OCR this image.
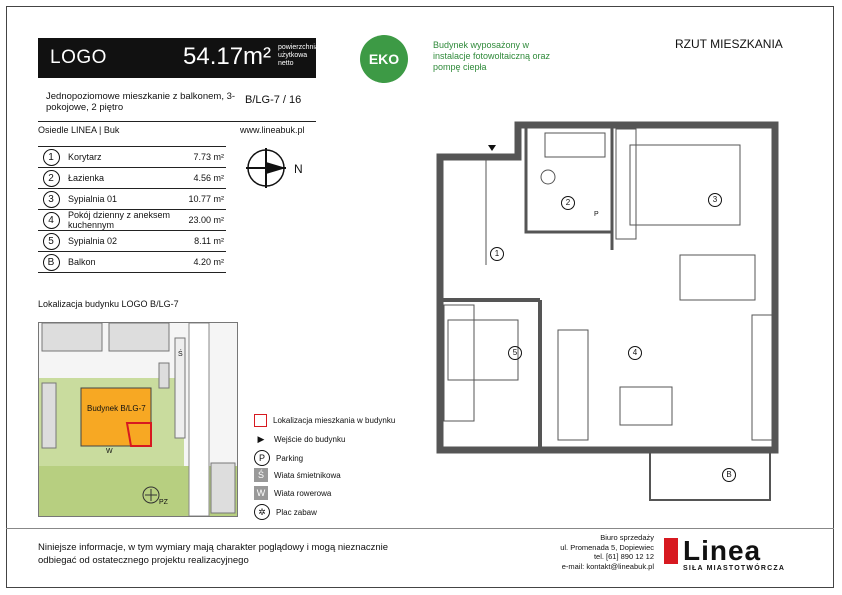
LOGO	54.17m² powierzchnia użytkowa netto
Jednopoziomowe mieszkanie z balkonem, 3-pokojowe, 2 piętro
B/LG-7 / 16
Osiedle LINEA | Buk	www.lineabuk.pl
1	Korytarz	7.73 m²
2	Łazienka	4.56 m²
3	Sypialnia 01	10.77 m²
4	Pokój dzienny z aneksem kuchennym	23.00 m²
5	Sypialnia 02	8.11 m²
B	Balkon	4.20 m²
N
Lokalizacja budynku LOGO B/LG-7
Budynek B/LG-7
W
PZ
Ś
Lokalizacja mieszkania w budynku
▶	Wejście do budynku
P	Parking
Ś	Wiata śmietnikowa
W	Wiata rowerowa
✲	Plac zabaw
EKO
Budynek wyposażony w instalacje fotowoltaiczną oraz pompę ciepła
RZUT MIESZKANIA
1
2	3
4
5
B
P
Niniejsze informacje, w tym wymiary mają charakter poglądowy i mogą nieznacznie
odbiegać od ostatecznego projektu realizacyjnego
Biuro sprzedaży
ul. Promenada 5, Dopiewiec
tel. [61] 890 12 12
e-mail: kontakt@lineabuk.pl Linea
SIŁA MIASTOTWÓRCZA
